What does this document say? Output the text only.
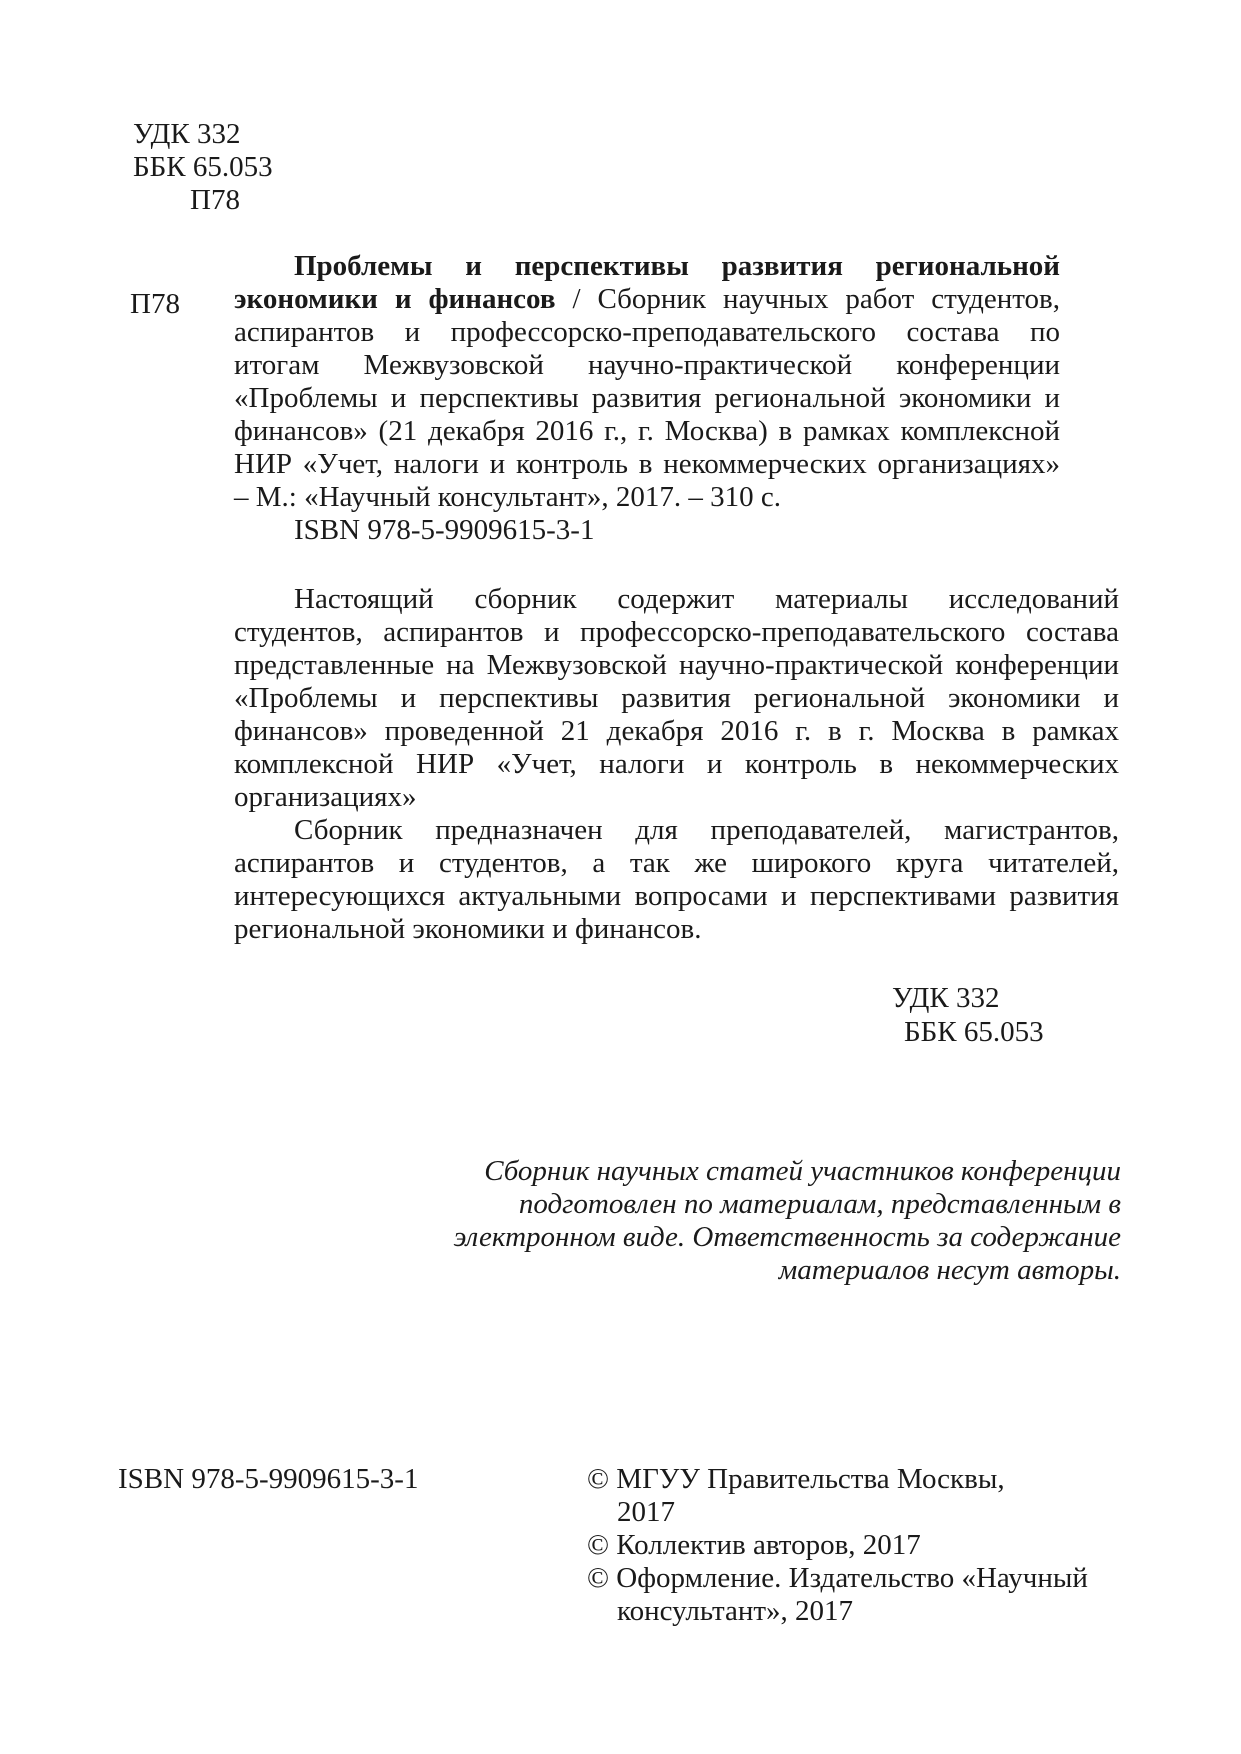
УДК 332
ББК 65.053
П78
П78

Проблемы и перспективы развития региональной

экономики и финансов / Сборник научных работ студентов,

аспирантов и профессорско-преподавательского состава по

итогам Межвузовской научно-практической конференции

«Проблемы и перспективы развития региональной экономики и

финансов» (21 декабря 2016 г., г. Москва) в рамках комплексной

НИР «Учет, налоги и контроль в некоммерческих организациях»

– М.: «Научный консультант», 2017. – 310 с.

ISBN 978-5-9909615-3-1

Настоящий сборник содержит материалы исследований

студентов, аспирантов и профессорско-преподавательского состава

представленные на Межвузовской научно-практической конференции

«Проблемы и перспективы развития региональной экономики и

финансов» проведенной 21 декабря 2016 г. в г. Москва в рамках

комплексной НИР «Учет, налоги и контроль в некоммерческих

организациях»

Сборник предназначен для преподавателей, магистрантов,

аспирантов и студентов, а так же широкого круга читателей,

интересующихся актуальными вопросами и перспективами развития

региональной экономики и финансов.

УДК 332
ББК 65.053
Сборник научных статей участников конференции
подготовлен по материалам, представленным в
электронном виде. Ответственность за содержание
материалов несут авторы.
ISBN 978-5-9909615-3-1	© МГУУ Правительства Москвы,
2017
© Коллектив авторов, 2017
© Оформление. Издательство «Научный
консультант», 2017
